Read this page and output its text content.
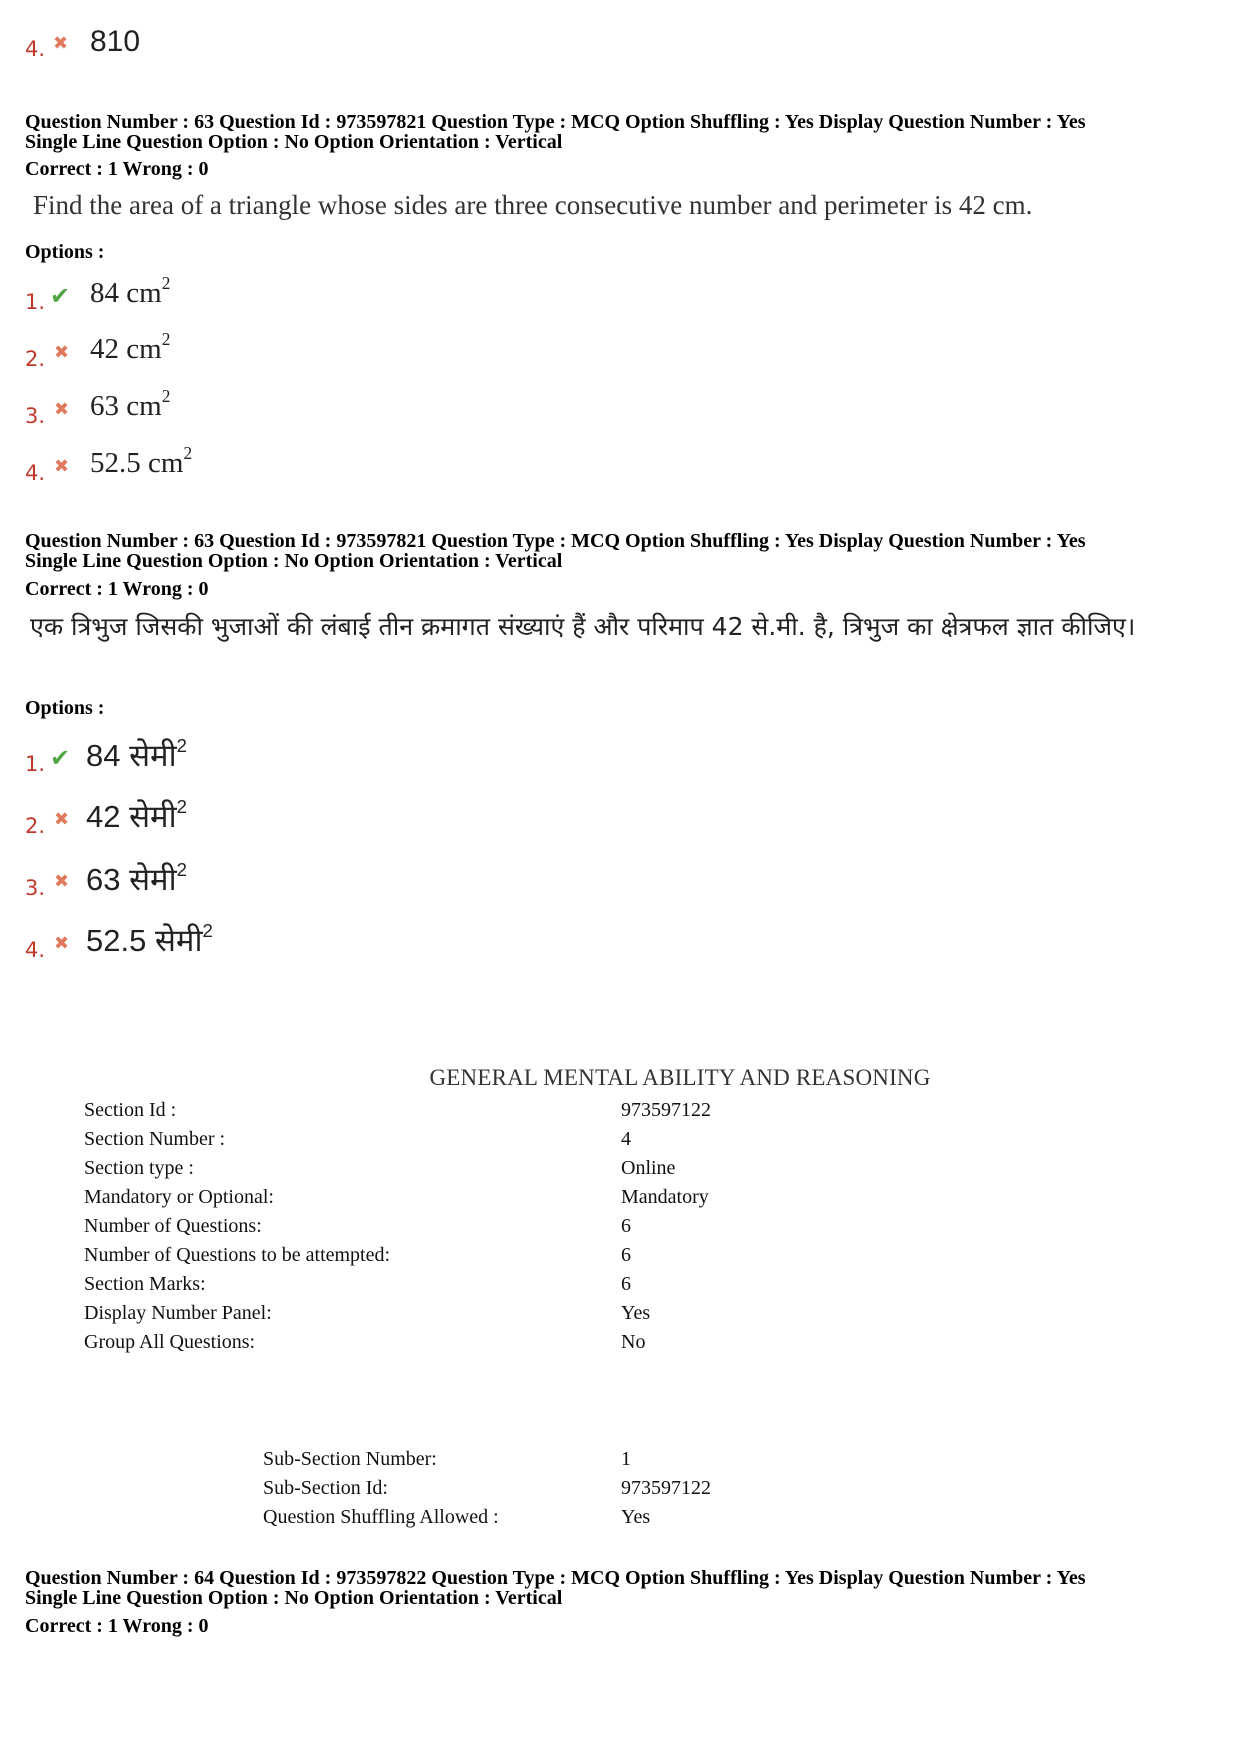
4. ✖ 810
Question Number : 63 Question Id : 973597821 Question Type : MCQ Option Shuffling : Yes Display Question Number : Yes
Single Line Question Option : No Option Orientation : Vertical
Correct : 1 Wrong : 0
Find the area of a triangle whose sides are three consecutive number and perimeter is 42 cm.
Options :
1. ✔ 84 $cm^2$
2. ✖ 42 $cm^2$
3. ✖ 63 $cm^2$
4. ✖ 52.5 $cm^2$
Question Number : 63 Question Id : 973597821 Question Type : MCQ Option Shuffling : Yes Display Question Number : Yes
Single Line Question Option : No Option Orientation : Vertical
Correct : 1 Wrong : 0
एक त्रिभुज जिसकी भुजाओं की लंबाई तीन क्रमागत संख्याएं हैं और परिमाप 42 से.मी. है, त्रिभुज का क्षेत्रफल ज्ञात कीजिए।
Options :
1. ✔ 84 सेमी$^2$
2. ✖ 42 सेमी$^2$
3. ✖ 63 सेमी$^2$
4. ✖ 52.5 सेमी$^2$
GENERAL MENTAL ABILITY AND REASONING
Section Id :	973597122
Section Number :	4
Section type :	Online
Mandatory or Optional:	Mandatory
Number of Questions:	6
Number of Questions to be attempted:	6
Section Marks:	6
Display Number Panel:	Yes
Group All Questions:	No
Sub-Section Number:	1
Sub-Section Id:	973597122
Question Shuffling Allowed :	Yes
Question Number : 64 Question Id : 973597822 Question Type : MCQ Option Shuffling : Yes Display Question Number : Yes
Single Line Question Option : No Option Orientation : Vertical
Correct : 1 Wrong : 0
